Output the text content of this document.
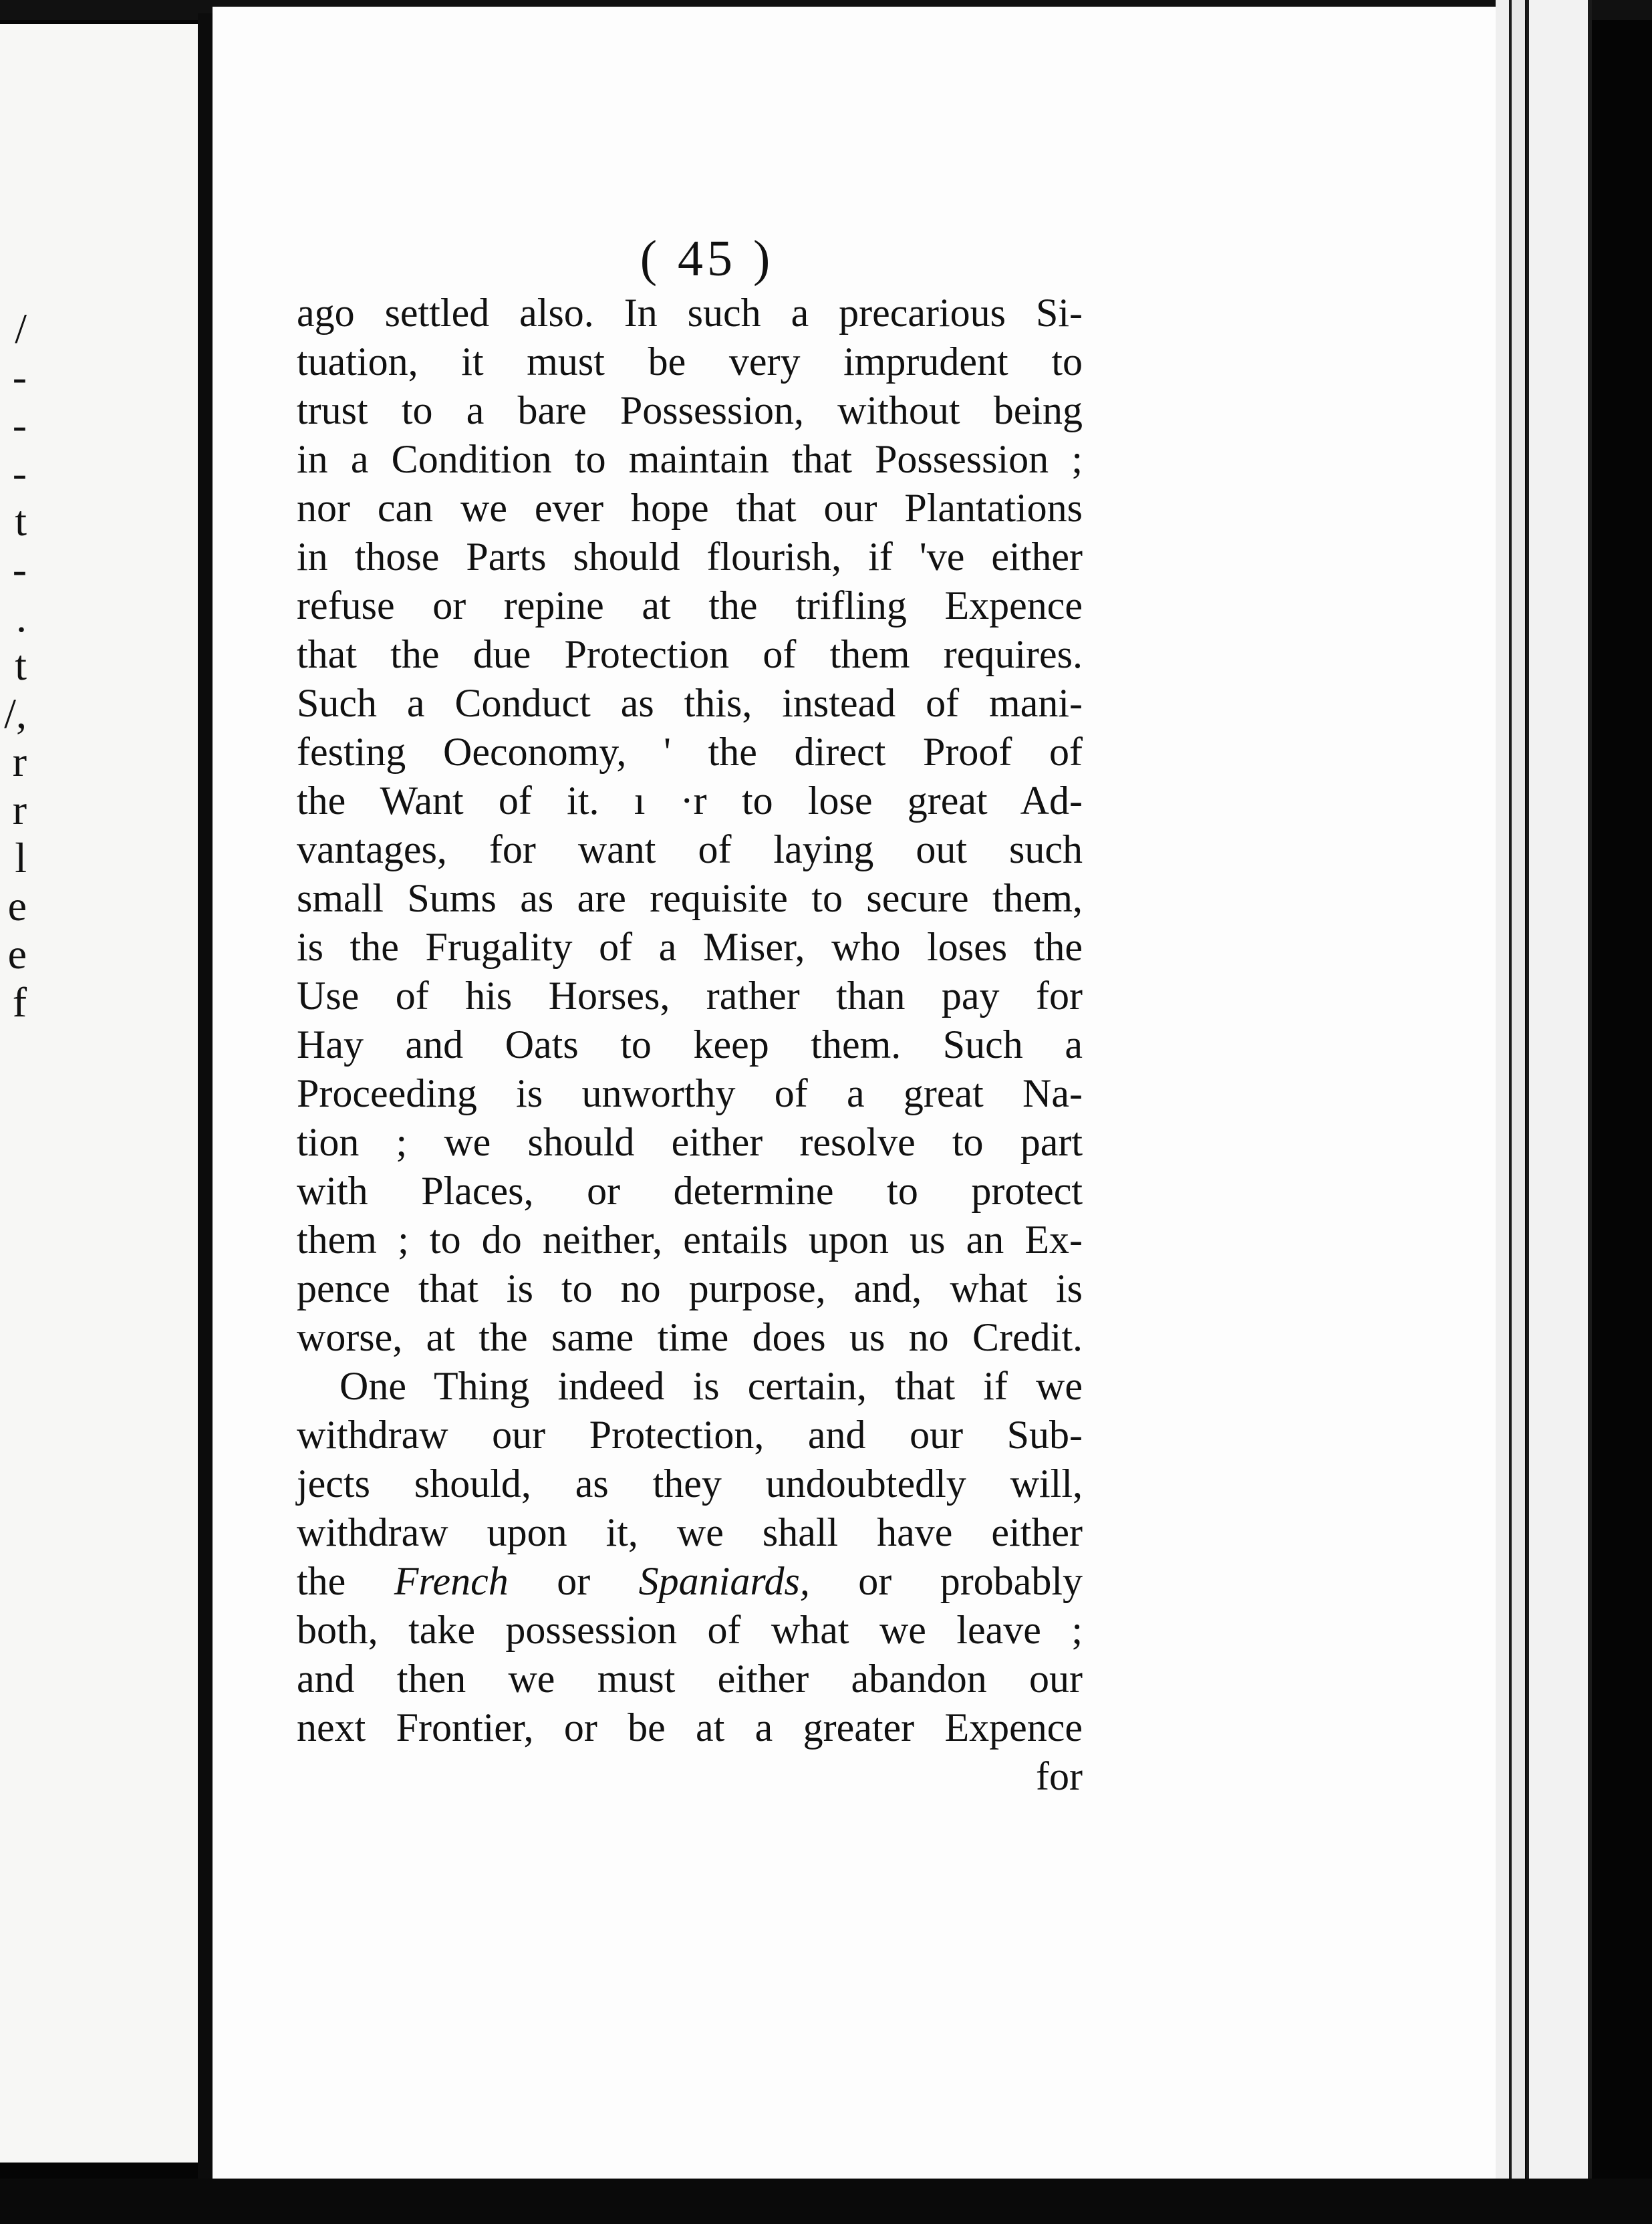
/
-
-
-
t
-
.
t
/,
r
r
l
e
e
f
( 45 )
ago settled also. In such a precarious Si-
tuation, it must be very imprudent to
trust to a bare Possession, without being
in a Condition to maintain that Possession ;
nor can we ever hope that our Plantations
in those Parts should flourish, if 've either
refuse or repine at the trifling Expence
that the due Protection of them requires.
Such a Conduct as this, instead of mani-
festing Oeconomy, ' the direct Proof of
the Want of it. ı ·r to lose great Ad-
vantages, for want of laying out such
small Sums as are requisite to secure them,
is the Frugality of a Miser, who loses the
Use of his Horses, rather than pay for
Hay and Oats to keep them. Such a
Proceeding is unworthy of a great Na-
tion ; we should either resolve to part
with Places, or determine to protect
them ; to do neither, entails upon us an Ex-
pence that is to no purpose, and, what is
worse, at the same time does us no Credit.
One Thing indeed is certain, that if we
withdraw our Protection, and our Sub-
jects should, as they undoubtedly will,
withdraw upon it, we shall have either
the French or Spaniards, or probably
both, take possession of what we leave ;
and then we must either abandon our
next Frontier, or be at a greater Expence
for
